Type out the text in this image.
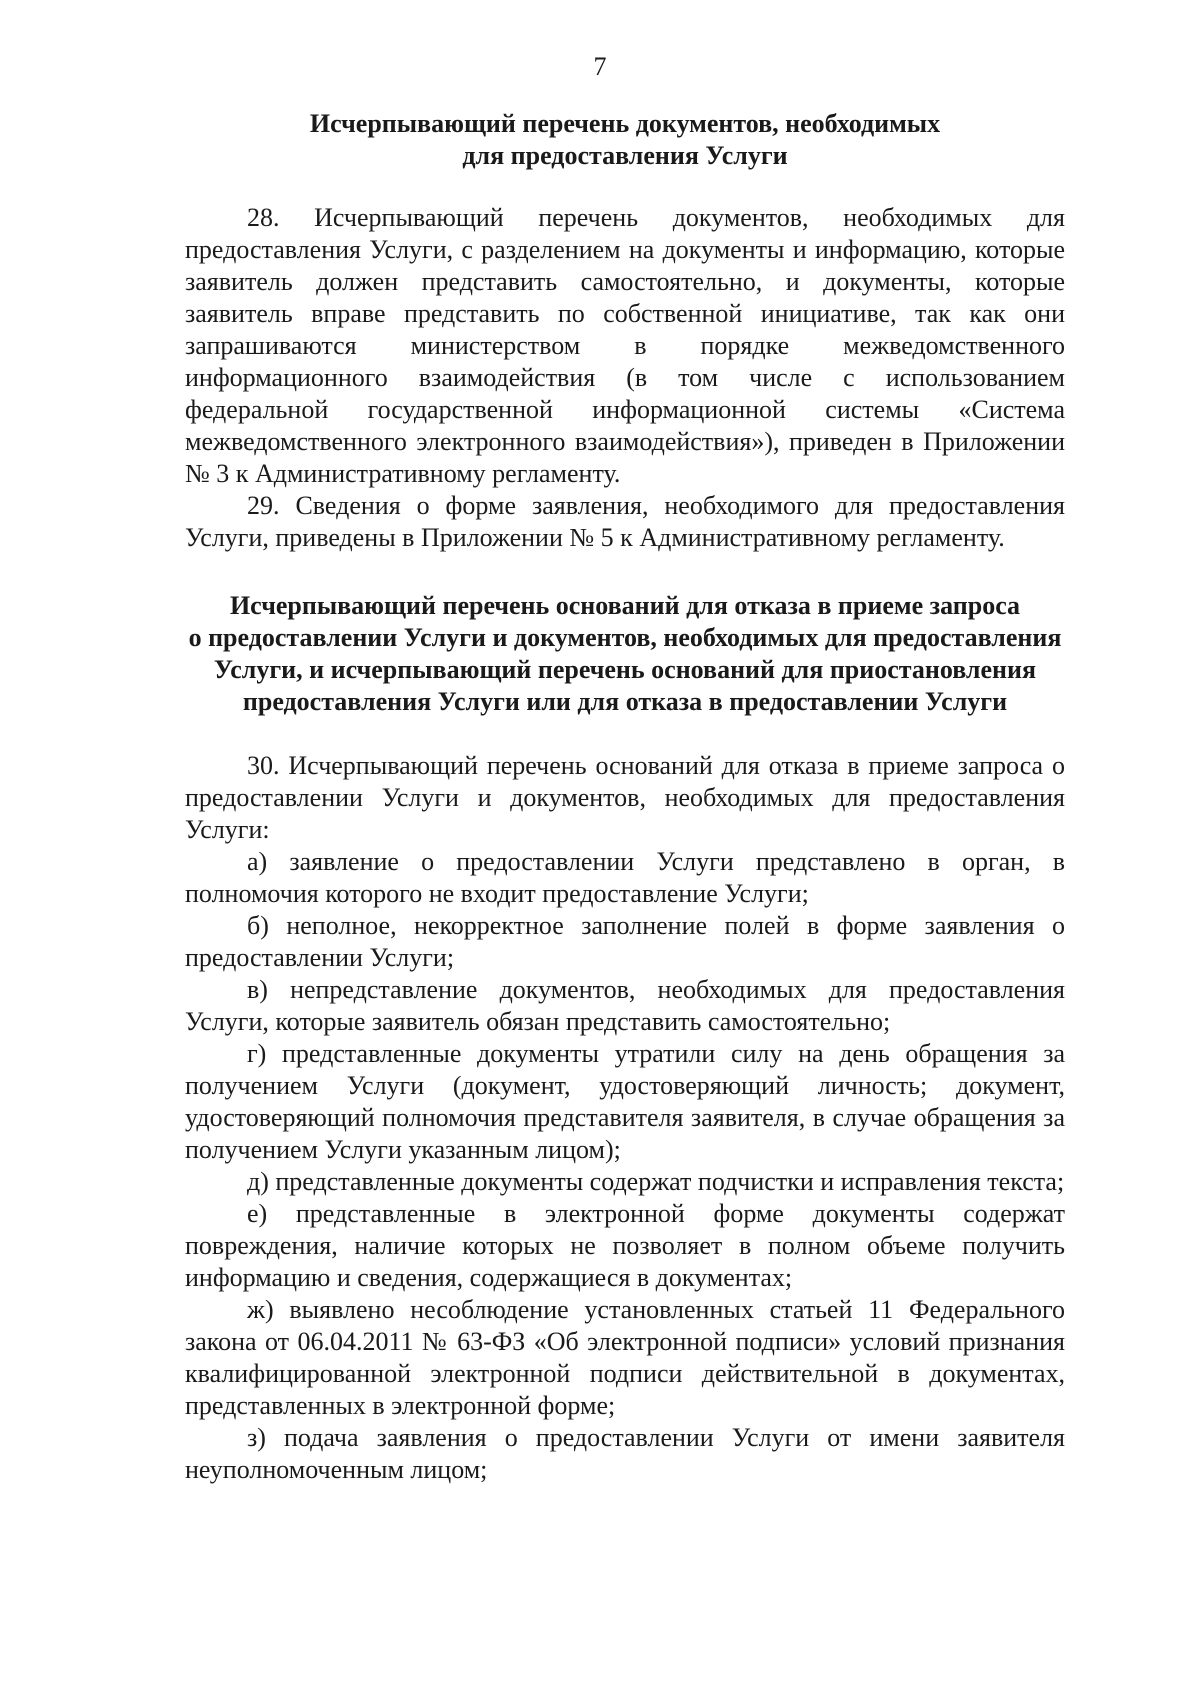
7
Исчерпывающий перечень документов, необходимых
для предоставления Услуги

28. Исчерпывающий перечень документов, необходимых для предоставления Услуги, с разделением на документы и информацию, которые заявитель должен представить самостоятельно, и документы, которые заявитель вправе представить по собственной инициативе, так как они запрашиваются министерством в порядке межведомственного информационного взаимодействия (в том числе с использованием федеральной государственной информационной системы «Система межведомственного электронного взаимодействия»), приведен в Приложении № 3 к Административному регламенту.

29. Сведения о форме заявления, необходимого для предоставления Услуги, приведены в Приложении № 5 к Административному регламенту.

Исчерпывающий перечень оснований для отказа в приеме запроса
о предоставлении Услуги и документов, необходимых для предоставления
Услуги, и исчерпывающий перечень оснований для приостановления
предоставления Услуги или для отказа в предоставлении Услуги

30. Исчерпывающий перечень оснований для отказа в приеме запроса о предоставлении Услуги и документов, необходимых для предоставления Услуги:

а) заявление о предоставлении Услуги представлено в орган, в полномочия которого не входит предоставление Услуги;

б) неполное, некорректное заполнение полей в форме заявления о предоставлении Услуги;

в) непредставление документов, необходимых для предоставления Услуги, которые заявитель обязан представить самостоятельно;

г) представленные документы утратили силу на день обращения за получением Услуги (документ, удостоверяющий личность; документ, удостоверяющий полномочия представителя заявителя, в случае обращения за получением Услуги указанным лицом);

д) представленные документы содержат подчистки и исправления текста;

е) представленные в электронной форме документы содержат повреждения, наличие которых не позволяет в полном объеме получить информацию и сведения, содержащиеся в документах;

ж) выявлено несоблюдение установленных статьей 11 Федерального закона от 06.04.2011 № 63-ФЗ «Об электронной подписи» условий признания квалифицированной электронной подписи действительной в документах, представленных в электронной форме;

з) подача заявления о предоставлении Услуги от имени заявителя неуполномоченным лицом;
